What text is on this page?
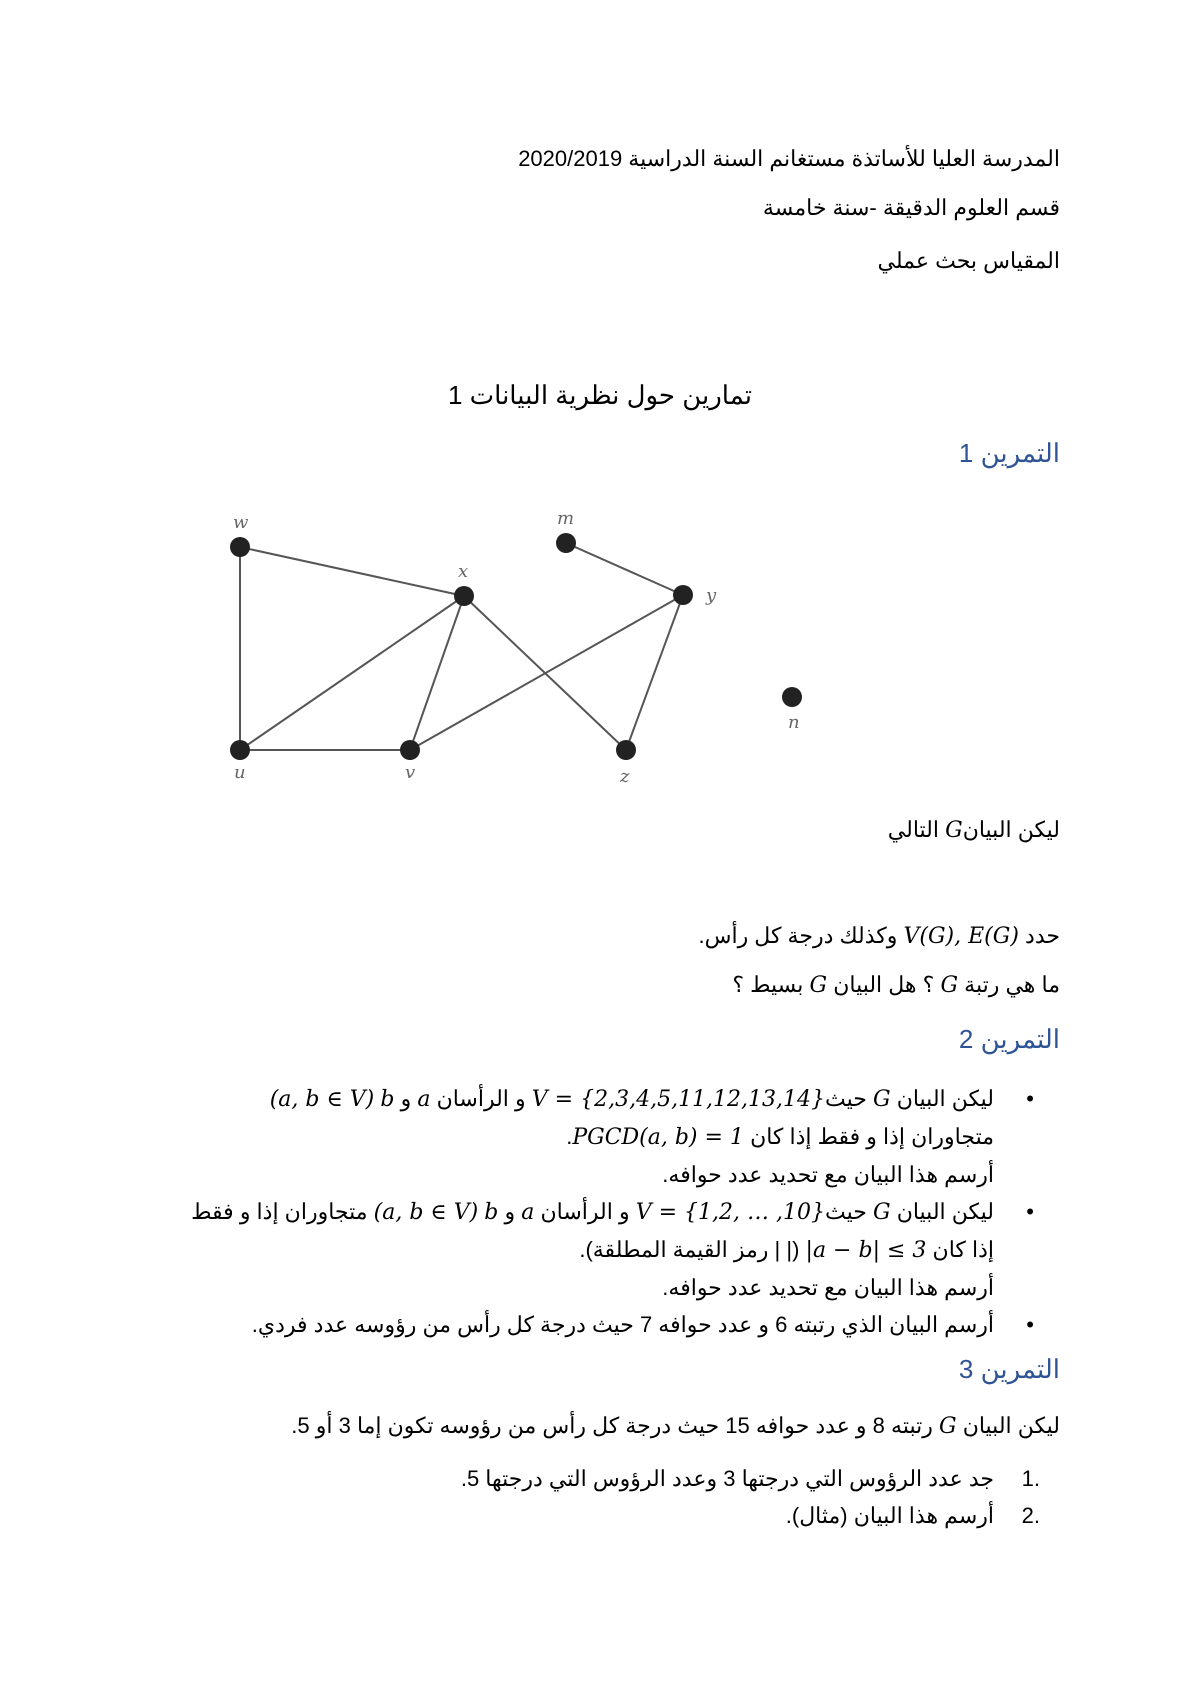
المدرسة العليا للأساتذة مستغانم السنة الدراسية 2020/2019
قسم العلوم الدقيقة -سنة خامسة
المقياس بحث عملي
تمارين حول نظرية البيانات 1
التمرين 1
w
x
m
y
n
u	v	z
ليكن البيانG التالي
حدد V(G), E(G) وكذلك درجة كل رأس.
ما هي رتبة G ؟ هل البيان G بسيط ؟
التمرين 2
•
ليكن البيان G حيثV = {2,3,4,5,11,12,13,14} و الرأسان a و b (a, b ∈ V)
متجاوران إذا و فقط إذا كان PGCD(a, b) = 1.
أرسم هذا البيان مع تحديد عدد حوافه.
•
ليكن البيان G حيثV = {1,2, … ,10} و الرأسان a و b (a, b ∈ V) متجاوران إذا و فقط
إذا كان |a − b| ≤ 3 (| | رمز القيمة المطلقة).
أرسم هذا البيان مع تحديد عدد حوافه.
•
أرسم البيان الذي رتبته 6 و عدد حوافه 7 حيث درجة كل رأس من رؤوسه عدد فردي.
التمرين 3
ليكن البيان G رتبته 8 و عدد حوافه 15 حيث درجة كل رأس من رؤوسه تكون إما 3 أو 5.
1.
جد عدد الرؤوس التي درجتها 3 وعدد الرؤوس التي درجتها 5.
2.
أرسم هذا البيان (مثال).
